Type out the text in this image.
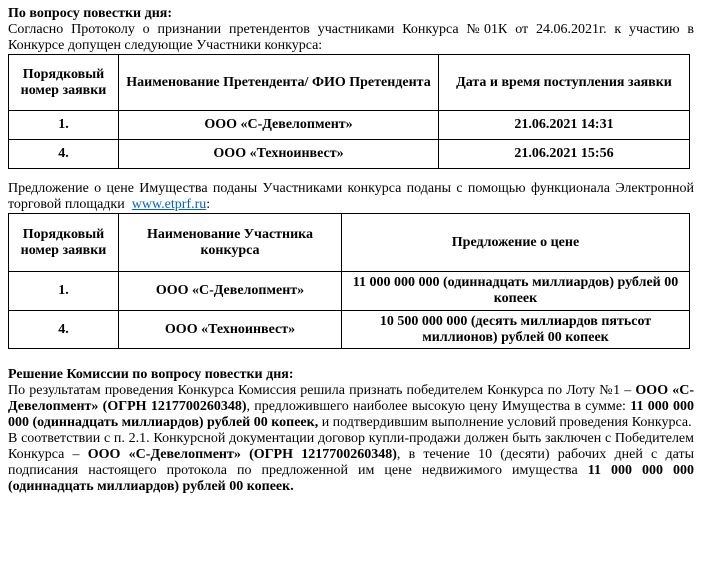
По вопросу повестки дня:

Согласно Протоколу о признании претендентов участниками Конкурса №01К от 24.06.2021г. к участию в Конкурсе допущен следующие Участники конкурса:

Порядковый номер заявки	Наименование Претендента/ ФИО Претендента	Дата и время поступления заявки
1.	ООО «С-Девелопмент»	21.06.2021 14:31
4.	ООО «Техноинвест»	21.06.2021 15:56

Предложение о цене Имущества поданы Участниками конкурса поданы с помощью функционала Электронной торговой площадки www.etprf.ru:

Порядковый номер заявки	Наименование Участника конкурса	Предложение о цене
1.	ООО «С-Девелопмент»	11 000 000 000 (одиннадцать миллиардов) рублей 00 копеек
4.	ООО «Техноинвест»	10 500 000 000 (десять миллиардов пятьсот миллионов) рублей 00 копеек

Решение Комиссии по вопросу повестки дня:

По результатам проведения Конкурса Комиссия решила признать победителем Конкурса по Лоту №1 – ООО «С-Девелопмент» (ОГРН 1217700260348), предложившего наиболее высокую цену Имущества в сумме: 11 000 000 000 (одиннадцать миллиардов) рублей 00 копеек, и подтвердившим выполнение условий проведения Конкурса.

В соответствии с п. 2.1. Конкурсной документации договор купли-продажи должен быть заключен с Победителем Конкурса – ООО «С-Девелопмент» (ОГРН 1217700260348), в течение 10 (десяти) рабочих дней с даты подписания настоящего протокола по предложенной им цене недвижимого имущества 11 000 000 000 (одиннадцать миллиардов) рублей 00 копеек.
